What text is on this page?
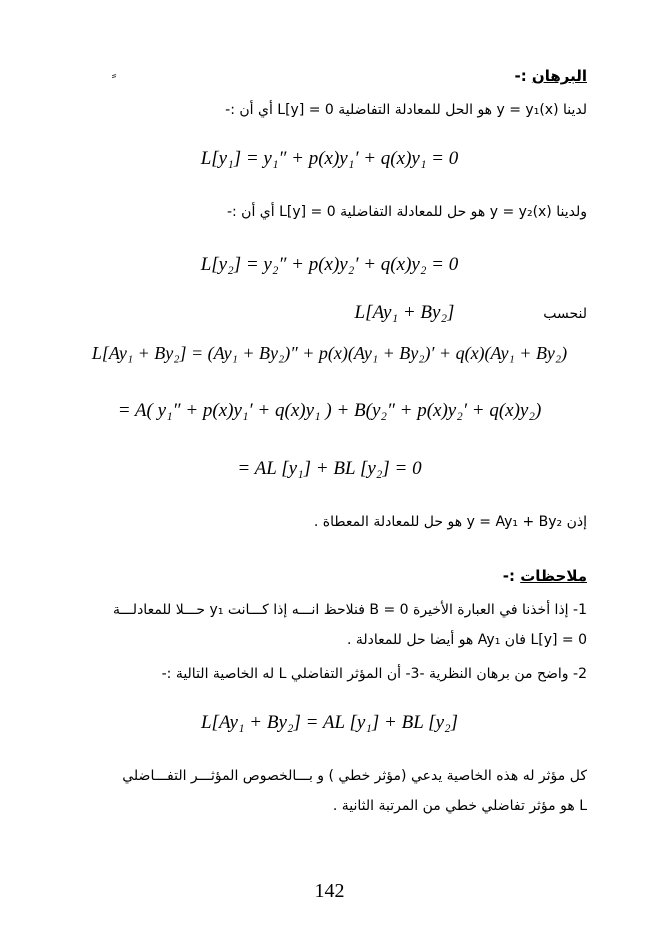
ِ ِ	البرهان :-
لدينا y = y₁(x) هو الحل للمعادلة التفاضلية L[y] = 0 أي أن :-
L[y₁] = y₁″ + p(x)y₁′ + q(x)y₁ = 0
ولدينا y = y₂(x) هو حل للمعادلة التفاضلية L[y] = 0 أي أن :-
L[y₂] = y₂″ + p(x)y₂′ + q(x)y₂ = 0
لنحسب
L[Ay₁ + By₂]
L[Ay₁ + By₂] = (Ay₁ + By₂)″ + p(x)(Ay₁ + By₂)′ + q(x)(Ay₁ + By₂)
= A( y₁″ + p(x)y₁′ + q(x)y₁ ) + B(y₂″ + p(x)y₂′ + q(x)y₂)
= AL [y₁] + BL [y₂] = 0
إذن y = Ay₁ + By₂ هو حل للمعادلة المعطاة .
ملاحظات :-
1- إذا أخذنا في العبارة الأخيرة B = 0 فنلاحظ انـــه إذا كـــانت y₁ حـــلا للمعادلـــة
L[y] = 0 فان Ay₁ هو أيضا حل للمعادلة .
2- واضح من برهان النظرية -3- أن المؤثر التفاضلي L له الخاصية التالية :-
L[Ay₁ + By₂] = AL [y₁] + BL [y₂]
كل مؤثر له هذه الخاصية يدعي (مؤثر خطي ) و بـــالخصوص المؤثـــر التفـــاضلي
L هو مؤثر تفاضلي خطي من المرتبة الثانية .
142
